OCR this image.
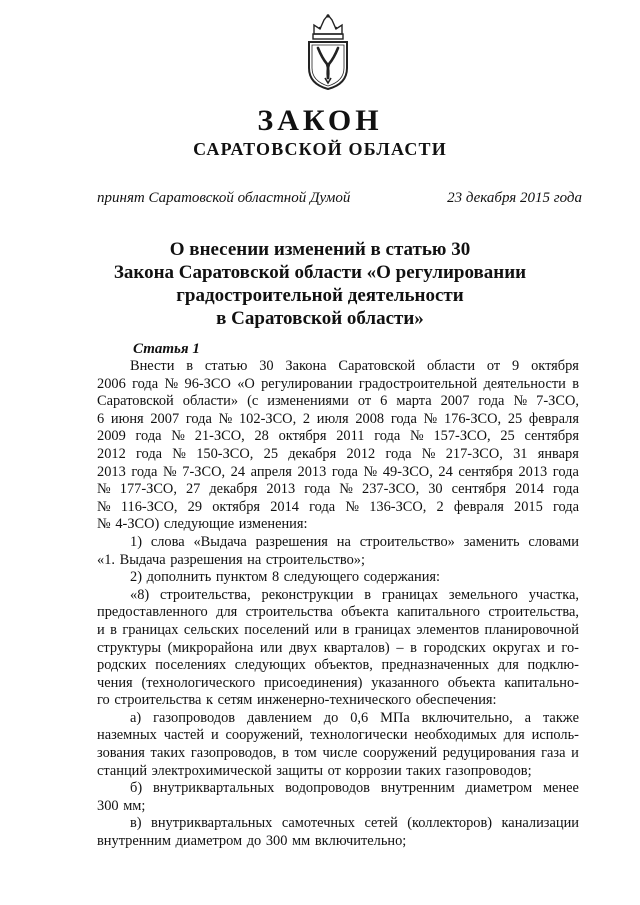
ЗАКОН
САРАТОВСКОЙ ОБЛАСТИ
принят Саратовской областной Думой	23 декабря 2015 года
О внесении изменений в статью 30
Закона Саратовской области «О регулировании
градостроительной деятельности
в Саратовской области»
Статья 1
Внести в статью 30 Закона Саратовской области от 9 октября
2006 года № 96-ЗСО «О регулировании градостроительной деятельности в
Саратовской области» (с изменениями от 6 марта 2007 года № 7-ЗСО,
6 июня 2007 года № 102-ЗСО, 2 июля 2008 года № 176-ЗСО, 25 февраля
2009 года № 21-ЗСО, 28 октября 2011 года № 157-ЗСО, 25 сентября
2012 года № 150-ЗСО, 25 декабря 2012 года № 217-ЗСО, 31 января
2013 года № 7-ЗСО, 24 апреля 2013 года № 49-ЗСО, 24 сентября 2013 года
№ 177-ЗСО, 27 декабря 2013 года № 237-ЗСО, 30 сентября 2014 года
№ 116-ЗСО, 29 октября 2014 года № 136-ЗСО, 2 февраля 2015 года
№ 4-ЗСО) следующие изменения:
1) слова «Выдача разрешения на строительство» заменить словами
«1. Выдача разрешения на строительство»;
2) дополнить пунктом 8 следующего содержания:
«8) строительства, реконструкции в границах земельного участка,
предоставленного для строительства объекта капитального строительства,
и в границах сельских поселений или в границах элементов планировочной
структуры (микрорайона или двух кварталов) – в городских округах и го-
родских поселениях следующих объектов, предназначенных для подклю-
чения (технологического присоединения) указанного объекта капитально-
го строительства к сетям инженерно-технического обеспечения:
а) газопроводов давлением до 0,6 МПа включительно, а также
наземных частей и сооружений, технологически необходимых для исполь-
зования таких газопроводов, в том числе сооружений редуцирования газа и
станций электрохимической защиты от коррозии таких газопроводов;
б) внутриквартальных водопроводов внутренним диаметром менее
300 мм;
в) внутриквартальных самотечных сетей (коллекторов) канализации
внутренним диаметром до 300 мм включительно;
